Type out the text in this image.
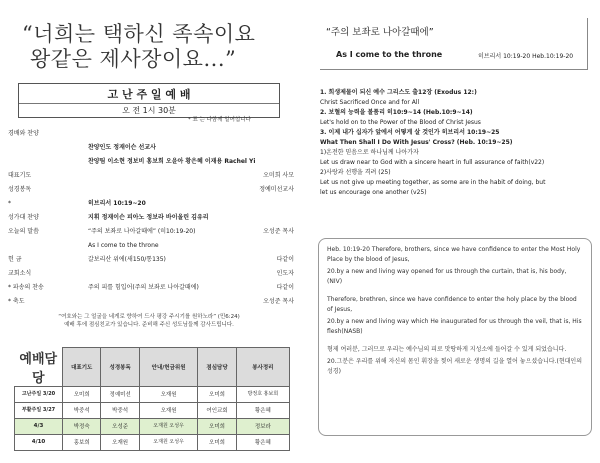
“너희는 택하신 족속이요
왕같은 제사장이요...”
고 난 주 일 예 배
오 전 1시 30분
* 표 는 다함께 일어섭니다
경배와 찬양
찬양인도 정재이슨 선교사
찬양팀 이소현 정보비 홍보희 오윤아 황은혜 이재용 Rachel Yi
대표기도	오미희 사모
성경봉독	정예미선교사
*	히브리서 10:19~20
성가대 찬양	지휘 정재이슨 피아노 정보라 바이올린 김유리
오늘의 말씀	“주의 보좌로 나아갈때에” (히10:19-20)	오성준 목사
As I come to the throne
헌 금	갈보리산 위에(새150/통135)	다같이
교회소식	인도자
* 파송의 찬송	주의 피를 힘입어(주의 보좌로 나아갈때에)	다같이
* 축도	오성준 목사
“여호와는 그 얼굴을 네게로 향하여 드사 평강 주시기를 원하노라” (민6:24)
예배 후에 점심친교가 있습니다. 준비해 주신 성도님들께 감사드립니다.
예배담당	대표기도	성경봉독	안내/헌금위원	점심담당	봉사정리
고난주일 3/20	오미희	정예미선	오재원	오미희	방정호 홍보희
부활주일 3/27	박중석	박중석	오재원	여인교회	황은혜
4/3	박정숙	오성준	오재원 오성우	오미희	정보라
4/10	홍보희	오재원	오재원 오성우	오미희	황은혜
“주의 보좌로 나아갈때에”
As I come to the throne	히브리서 10:19-20 Heb.10:19-20
1. 희생제물이 되신 예수 그리스도 출12장 (Exodus 12:)
Christ Sacrificed Once and for All
2. 보혈의 능력을 볼품리 히10:9~14 (Heb.10:9~14)
Let's hold on to the Power of the Blood of Christ Jesus
3. 이제 내가 십자가 앞에서 어떻게 살 것인가 히브리서 10:19~25
What Then Shall I Do With Jesus' Cross? (Heb. 10:19~25)
1)온전한 믿음으로 하나님께 나아가자
Let us draw near to God with a sincere heart in full assurance of faith(v22)
2)사랑과 선행을 격려 (25)
Let us not give up meeting together, as some are in the habit of doing, but
let us encourage one another (v25)

Heb. 10:19-20 Therefore, brothers, since we have confidence to enter the Most Holy Place by the blood of Jesus,

20.by a new and living way opened for us through the curtain, that is, his body, (NIV)

Therefore, brethren, since we have confidence to enter the holy place by the blood of Jesus,

20.by a new and living way which He inaugurated for us through the veil, that is, His flesh(NASB)

형제 여러분, 그러므로 우리는 예수님의 피로 맛땅하게 지성소에 들어갈 수 있게 되었습니다.

20.그분은 우리를 위해 자신의 몸인 휘장을 찢어 새로운 생명의 길을 열어 놓으셨습니다.(현대인의 성경)
